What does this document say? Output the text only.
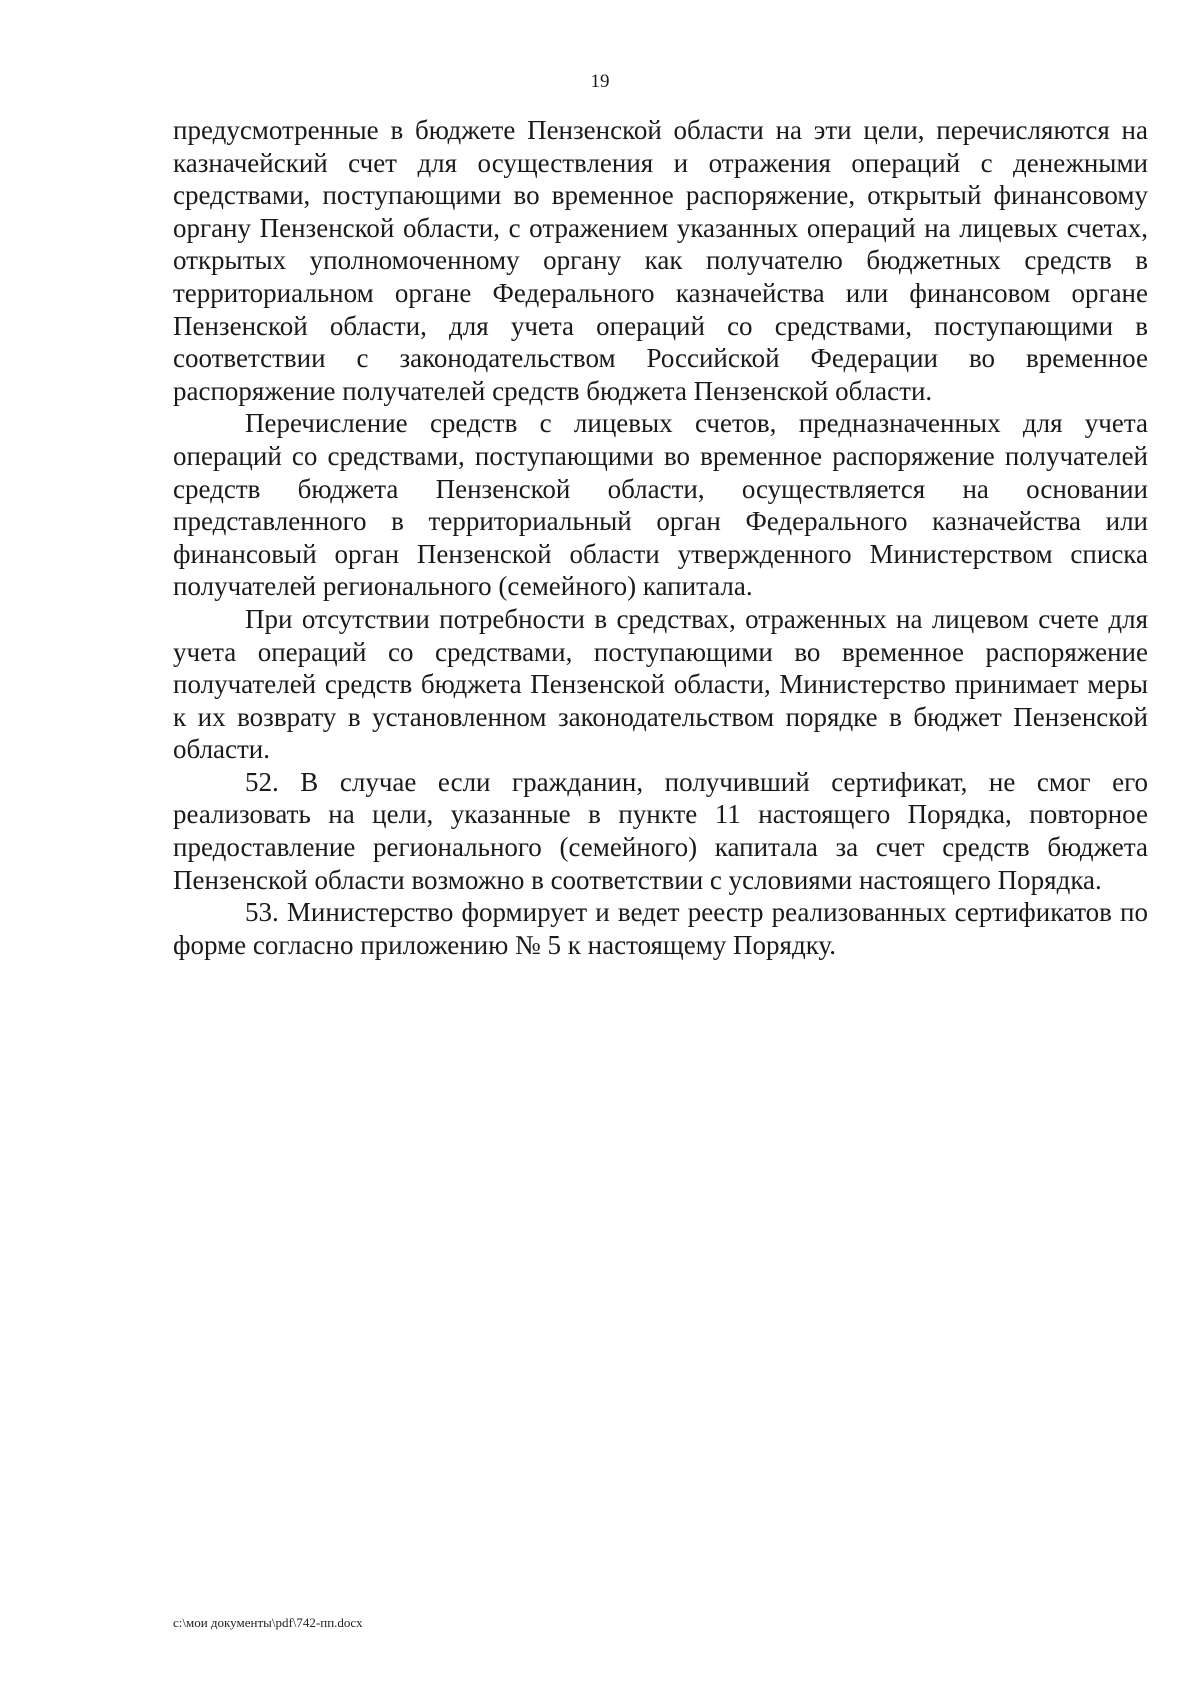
19

предусмотренные в бюджете Пензенской области на эти цели, перечисляются на казначейский счет для осуществления и отражения операций с денежными средствами, поступающими во временное распоряжение, открытый финансовому органу Пензенской области, с отражением указанных операций на лицевых счетах, открытых уполномоченному органу как получателю бюджетных средств в территориальном органе Федерального казначейства или финансовом органе Пензенской области, для учета операций со средствами, поступающими в соответствии с законодательством Российской Федерации во временное распоряжение получателей средств бюджета Пензенской области.

Перечисление средств с лицевых счетов, предназначенных для учета операций со средствами, поступающими во временное распоряжение получателей средств бюджета Пензенской области, осуществляется на основании представленного в территориальный орган Федерального казначейства или финансовый орган Пензенской области утвержденного Министерством списка получателей регионального (семейного) капитала.

При отсутствии потребности в средствах, отраженных на лицевом счете для учета операций со средствами, поступающими во временное распоряжение получателей средств бюджета Пензенской области, Министерство принимает меры к их возврату в установленном законодательством порядке в бюджет Пензенской области.

52. В случае если гражданин, получивший сертификат, не смог его реализовать на цели, указанные в пункте 11 настоящего Порядка, повторное предоставление регионального (семейного) капитала за счет средств бюджета Пензенской области возможно в соответствии с условиями настоящего Порядка.

53. Министерство формирует и ведет реестр реализованных сертификатов по форме согласно приложению № 5 к настоящему Порядку.

c:\мои документы\pdf\742-пп.docx
